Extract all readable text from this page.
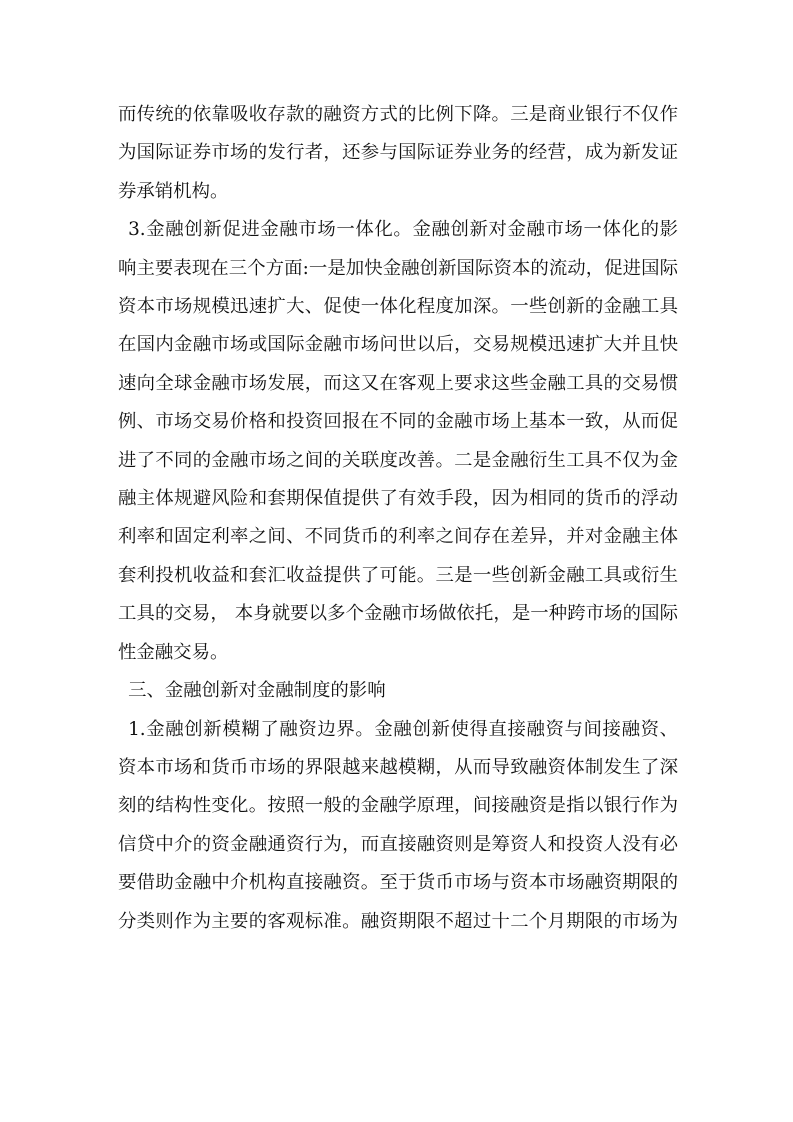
而传统的依靠吸收存款的融资方式的比例下降。三是商业银行不仅作为国际证券市场的发行者，还参与国际证券业务的经营，成为新发证券承销机构。

3.金融创新促进金融市场一体化。金融创新对金融市场一体化的影响主要表现在三个方面:一是加快金融创新国际资本的流动，促进国际资本市场规模迅速扩大、促使一体化程度加深。一些创新的金融工具在国内金融市场或国际金融市场问世以后，交易规模迅速扩大并且快速向全球金融市场发展，而这又在客观上要求这些金融工具的交易惯例、市场交易价格和投资回报在不同的金融市场上基本一致，从而促进了不同的金融市场之间的关联度改善。二是金融衍生工具不仅为金融主体规避风险和套期保值提供了有效手段，因为相同的货币的浮动利率和固定利率之间、不同货币的利率之间存在差异，并对金融主体套利投机收益和套汇收益提供了可能。三是一些创新金融工具或衍生工具的交易， 本身就要以多个金融市场做依托，是一种跨市场的国际性金融交易。

三、金融创新对金融制度的影响

1.金融创新模糊了融资边界。金融创新使得直接融资与间接融资、资本市场和货币市场的界限越来越模糊，从而导致融资体制发生了深刻的结构性变化。按照一般的金融学原理，间接融资是指以银行作为信贷中介的资金融通资行为，而直接融资则是筹资人和投资人没有必要借助金融中介机构直接融资。至于货币市场与资本市场融资期限的分类则作为主要的客观标准。融资期限不超过十二个月期限的市场为
